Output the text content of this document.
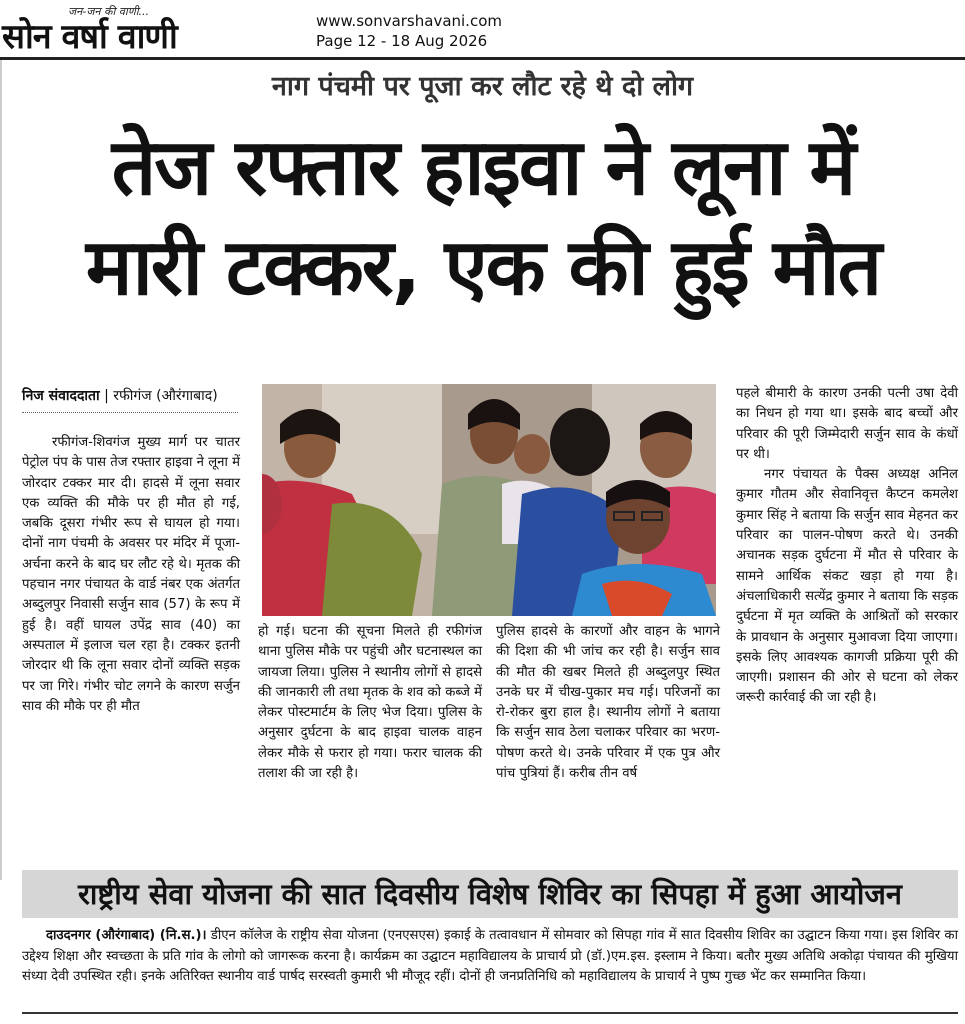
जन-जन की वाणी...
सोन वर्षा वाणी	www.sonvarshavani.com
Page 12 - 18 Aug 2026
नाग पंचमी पर पूजा कर लौट रहे थे दो लोग
तेज रफ्तार हाइवा ने लूना में
मारी टक्कर, एक की हुई मौत
निज संवाददाता | रफीगंज (औरंगाबाद)
रफीगंज-शिवगंज मुख्य मार्ग पर चातर पेट्रोल पंप के पास तेज रफ्तार हाइवा ने लूना में जोरदार टक्कर मार दी। हादसे में लूना सवार एक व्यक्ति की मौके पर ही मौत हो गई, जबकि दूसरा गंभीर रूप से घायल हो गया। दोनों नाग पंचमी के अवसर पर मंदिर में पूजा-अर्चना करने के बाद घर लौट रहे थे। मृतक की पहचान नगर पंचायत के वार्ड नंबर एक अंतर्गत अब्दुलपुर निवासी सर्जुन साव (57) के रूप में हुई है। वहीं घायल उपेंद्र साव (40) का अस्पताल में इलाज चल रहा है। टक्कर इतनी जोरदार थी कि लूना सवार दोनों व्यक्ति सड़क पर जा गिरे। गंभीर चोट लगने के कारण सर्जुन साव की मौके पर ही मौत
हो गई। घटना की सूचना मिलते ही रफीगंज थाना पुलिस मौके पर पहुंची और घटनास्थल का जायजा लिया। पुलिस ने स्थानीय लोगों से हादसे की जानकारी ली तथा मृतक के शव को कब्जे में लेकर पोस्टमार्टम के लिए भेज दिया। पुलिस के अनुसार दुर्घटना के बाद हाइवा चालक वाहन लेकर मौके से फरार हो गया। फरार चालक की तलाश की जा रही है।
पुलिस हादसे के कारणों और वाहन के भागने की दिशा की भी जांच कर रही है। सर्जुन साव की मौत की खबर मिलते ही अब्दुलपुर स्थित उनके घर में चीख-पुकार मच गई। परिजनों का रो-रोकर बुरा हाल है। स्थानीय लोगों ने बताया कि सर्जुन साव ठेला चलाकर परिवार का भरण-पोषण करते थे। उनके परिवार में एक पुत्र और पांच पुत्रियां हैं। करीब तीन वर्ष
पहले बीमारी के कारण उनकी पत्नी उषा देवी का निधन हो गया था। इसके बाद बच्चों और परिवार की पूरी जिम्मेदारी सर्जुन साव के कंधों पर थी।
नगर पंचायत के पैक्स अध्यक्ष अनिल कुमार गौतम और सेवानिवृत्त कैप्टन कमलेश कुमार सिंह ने बताया कि सर्जुन साव मेहनत कर परिवार का पालन-पोषण करते थे। उनकी अचानक सड़क दुर्घटना में मौत से परिवार के सामने आर्थिक संकट खड़ा हो गया है। अंचलाधिकारी सत्येंद्र कुमार ने बताया कि सड़क दुर्घटना में मृत व्यक्ति के आश्रितों को सरकार के प्रावधान के अनुसार मुआवजा दिया जाएगा। इसके लिए आवश्यक कागजी प्रक्रिया पूरी की जाएगी। प्रशासन की ओर से घटना को लेकर जरूरी कार्रवाई की जा रही है।
राष्ट्रीय सेवा योजना की सात दिवसीय विशेष शिविर का सिपहा में हुआ आयोजन
दाउदनगर (औरंगाबाद) (नि.स.)। डीएन कॉलेज के राष्ट्रीय सेवा योजना (एनएसएस) इकाई के तत्वावधान में सोमवार को सिपहा गांव में सात दिवसीय शिविर का उद्घाटन किया गया। इस शिविर का उद्देश्य शिक्षा और स्वच्छता के प्रति गांव के लोगो को जागरूक करना है। कार्यक्रम का उद्घाटन महाविद्यालय के प्राचार्य प्रो (डॉ.)एम.इस. इस्लाम ने किया। बतौर मुख्य अतिथि अकोढ़ा पंचायत की मुखिया संध्या देवी उपस्थित रही। इनके अतिरिक्त स्थानीय वार्ड पार्षद सरस्वती कुमारी भी मौजूद रहीं। दोनों ही जनप्रतिनिधि को महाविद्यालय के प्राचार्य ने पुष्प गुच्छ भेंट कर सम्मानित किया।
